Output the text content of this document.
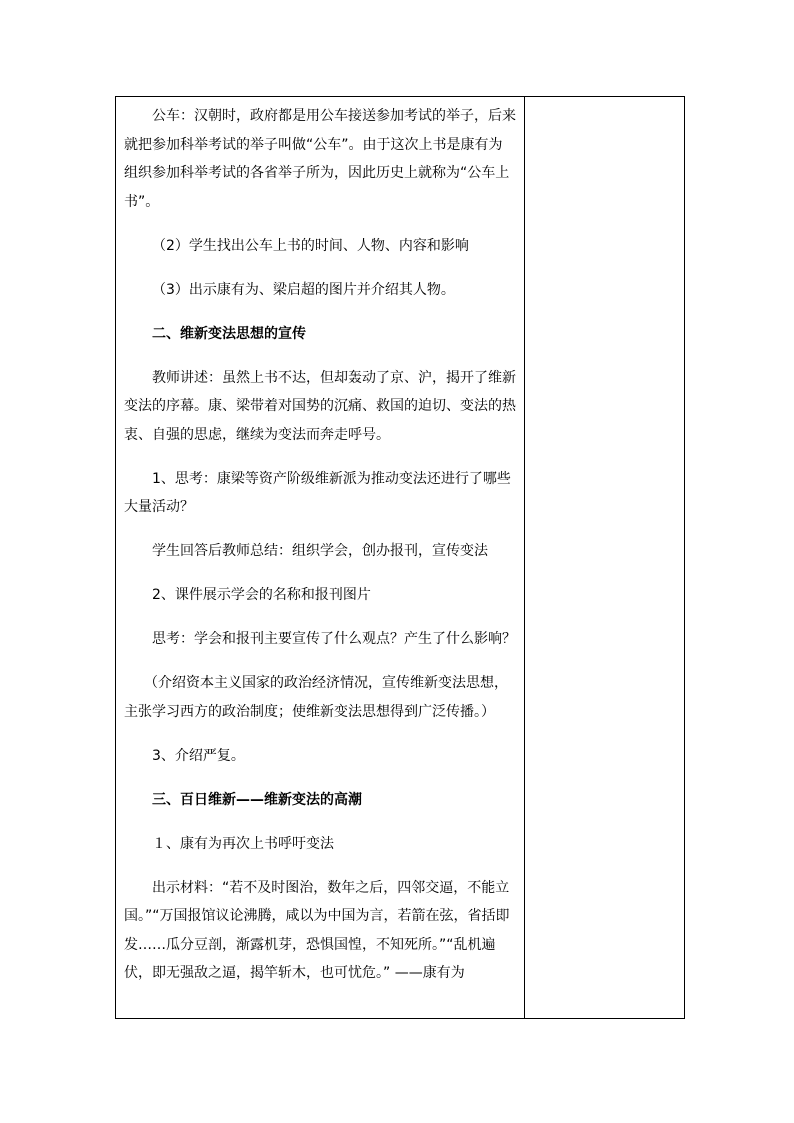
公车：汉朝时，政府都是用公车接送参加考试的举子，后来就把参加科举考试的举子叫做“公车”。由于这次上书是康有为组织参加科举考试的各省举子所为，因此历史上就称为“公车上书”。

（2）学生找出公车上书的时间、人物、内容和影响

（3）出示康有为、梁启超的图片并介绍其人物。

二、维新变法思想的宣传

教师讲述：虽然上书不达，但却轰动了京、沪，揭开了维新变法的序幕。康、梁带着对国势的沉痛、救国的迫切、变法的热衷、自强的思虑，继续为变法而奔走呼号。

1、思考：康梁等资产阶级维新派为推动变法还进行了哪些大量活动？

学生回答后教师总结：组织学会，创办报刊，宣传变法

2、课件展示学会的名称和报刊图片

思考：学会和报刊主要宣传了什么观点？产生了什么影响？

（介绍资本主义国家的政治经济情况，宣传维新变法思想，主张学习西方的政治制度；使维新变法思想得到广泛传播。）

3、介绍严复。

三、百日维新——维新变法的高潮

１、康有为再次上书呼吁变法

出示材料：“若不及时图治，数年之后，四邻交逼，不能立国。”“万国报馆议论沸腾，咸以为中国为言，若箭在弦，省括即发……瓜分豆剖，渐露机芽，恐惧国惶，不知死所。”“乱机遍伏，即无强敌之逼，揭竿斩木，也可忧危。” ——康有为
